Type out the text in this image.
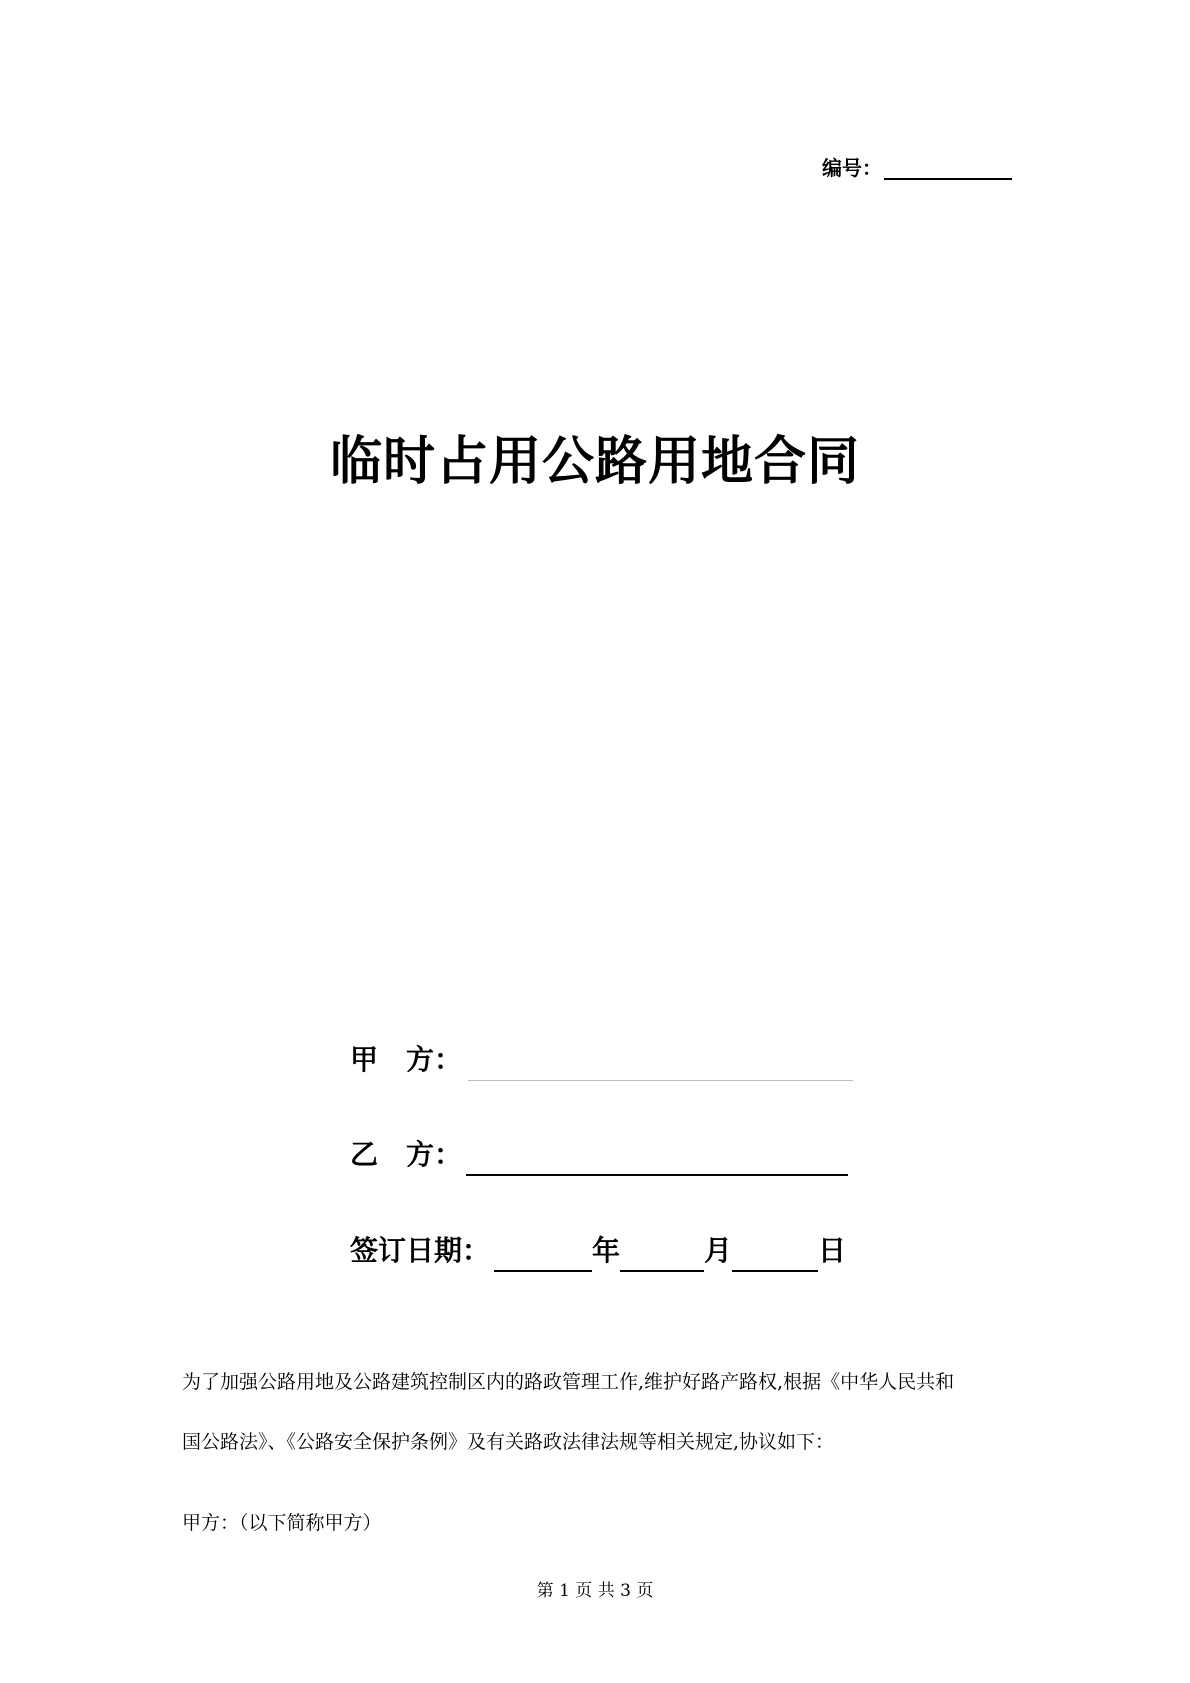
编号：
临时占用公路用地合同
甲　方：
乙　方：
签订日期：	年	月	日
为了加强公路用地及公路建筑控制区内的路政管理工作,维护好路产路权,根据《中华人民共和
国公路法》、《公路安全保护条例》及有关路政法律法规等相关规定,协议如下：
甲方：（以下简称甲方）
第 1 页 共 3 页
